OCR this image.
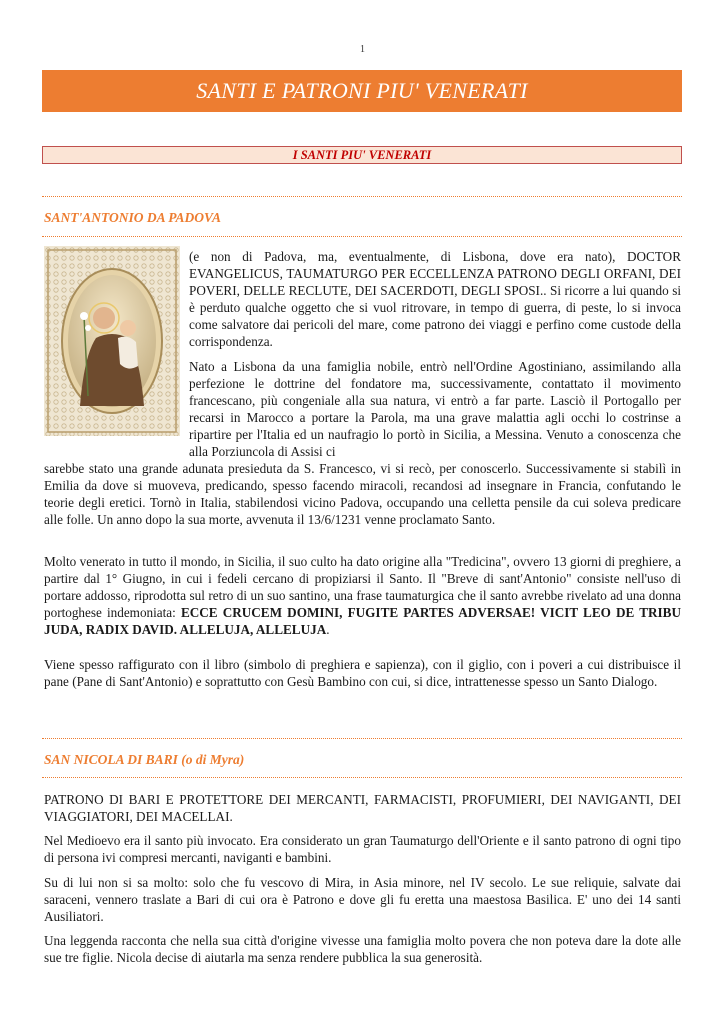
1
SANTI E PATRONI PIU' VENERATI
I SANTI PIU' VENERATI
SANT'ANTONIO DA PADOVA

(e non di Padova, ma, eventualmente, di Lisbona, dove era nato), DOCTOR EVANGELICUS, TAUMATURGO PER ECCELLENZA PATRONO DEGLI ORFANI, DEI POVERI, DELLE RECLUTE, DEI SACERDOTI, DEGLI SPOSI.. Si ricorre a lui quando si è perduto qualche oggetto che si vuol ritrovare, in tempo di guerra, di peste, lo si invoca come salvatore dai pericoli del mare, come patrono dei viaggi e perfino come custode della corrispondenza.

Nato a Lisbona da una famiglia nobile, entrò nell'Ordine Agostiniano, assimilando alla perfezione le dottrine del fondatore ma, successivamente, contattato il movimento francescano, più congeniale alla sua natura, vi entrò a far parte. Lasciò il Portogallo per recarsi in Marocco a portare la Parola, ma una grave malattia agli occhi lo costrinse a ripartire per l'Italia ed un naufragio lo portò in Sicilia, a Messina. Venuto a conoscenza che alla Porziuncola di Assisi ci

sarebbe stato una grande adunata presieduta da S. Francesco, vi si recò, per conoscerlo. Successivamente si stabilì in Emilia da dove si muoveva, predicando, spesso facendo miracoli, recandosi ad insegnare in Francia, confutando le teorie degli eretici. Tornò in Italia, stabilendosi vicino Padova, occupando una celletta pensile da cui soleva predicare alle folle. Un anno dopo la sua morte, avvenuta il 13/6/1231 venne proclamato Santo.

Molto venerato in tutto il mondo, in Sicilia, il suo culto ha dato origine alla "Tredicina", ovvero 13 giorni di preghiere, a partire dal 1° Giugno, in cui i fedeli cercano di propiziarsi il Santo. Il "Breve di sant'Antonio" consiste nell'uso di portare addosso, riprodotta sul retro di un suo santino, una frase taumaturgica che il santo avrebbe rivelato ad una donna portoghese indemoniata: ECCE CRUCEM DOMINI, FUGITE PARTES ADVERSAE! VICIT LEO DE TRIBU JUDA, RADIX DAVID. ALLELUJA, ALLELUJA.

Viene spesso raffigurato con il libro (simbolo di preghiera e sapienza), con il giglio, con i poveri a cui distribuisce il pane (Pane di Sant'Antonio) e soprattutto con Gesù Bambino con cui, si dice, intrattenesse spesso un Santo Dialogo.

SAN NICOLA DI BARI (o di Myra)

PATRONO DI BARI E PROTETTORE DEI MERCANTI, FARMACISTI, PROFUMIERI, DEI NAVIGANTI, DEI VIAGGIATORI, DEI MACELLAI.

Nel Medioevo era il santo più invocato. Era considerato un gran Taumaturgo dell'Oriente e il santo patrono di ogni tipo di persona ivi compresi mercanti, naviganti e bambini.

Su di lui non si sa molto: solo che fu vescovo di Mira, in Asia minore, nel IV secolo. Le sue reliquie, salvate dai saraceni, vennero traslate a Bari di cui ora è Patrono e dove gli fu eretta una maestosa Basilica. E' uno dei 14 santi Ausiliatori.

Una leggenda racconta che nella sua città d'origine vivesse una famiglia molto povera che non poteva dare la dote alle sue tre figlie. Nicola decise di aiutarla ma senza rendere pubblica la sua generosità.
